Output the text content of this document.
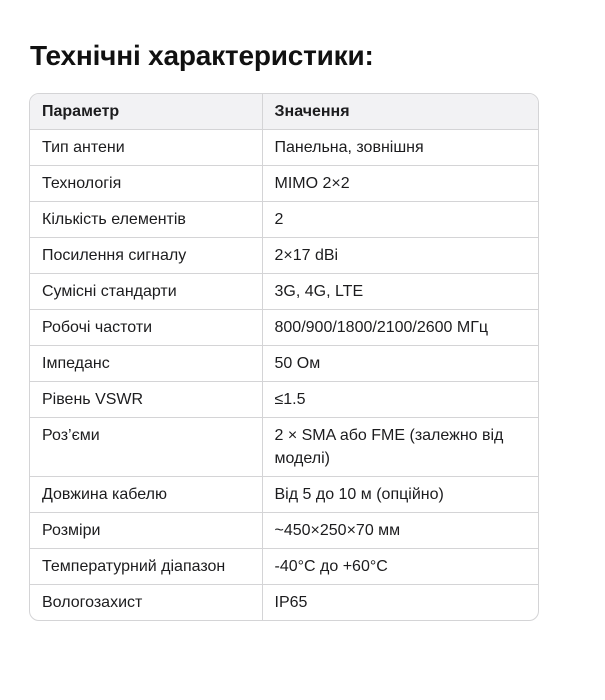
Технічні характеристики:
Параметр	Значення
Тип антени	Панельна, зовнішня
Технологія	MIMO 2×2
Кількість елементів	2
Посилення сигналу	2×17 dBi
Сумісні стандарти	3G, 4G, LTE
Робочі частоти	800/900/1800/2100/2600 МГц
Імпеданс	50 Ом
Рівень VSWR	≤1.5
Роз’єми	2 × SMA або FME (залежно від моделі)
Довжина кабелю	Від 5 до 10 м (опційно)
Розміри	~450×250×70 мм
Температурний діапазон	-40°C до +60°C
Вологозахист	IP65
